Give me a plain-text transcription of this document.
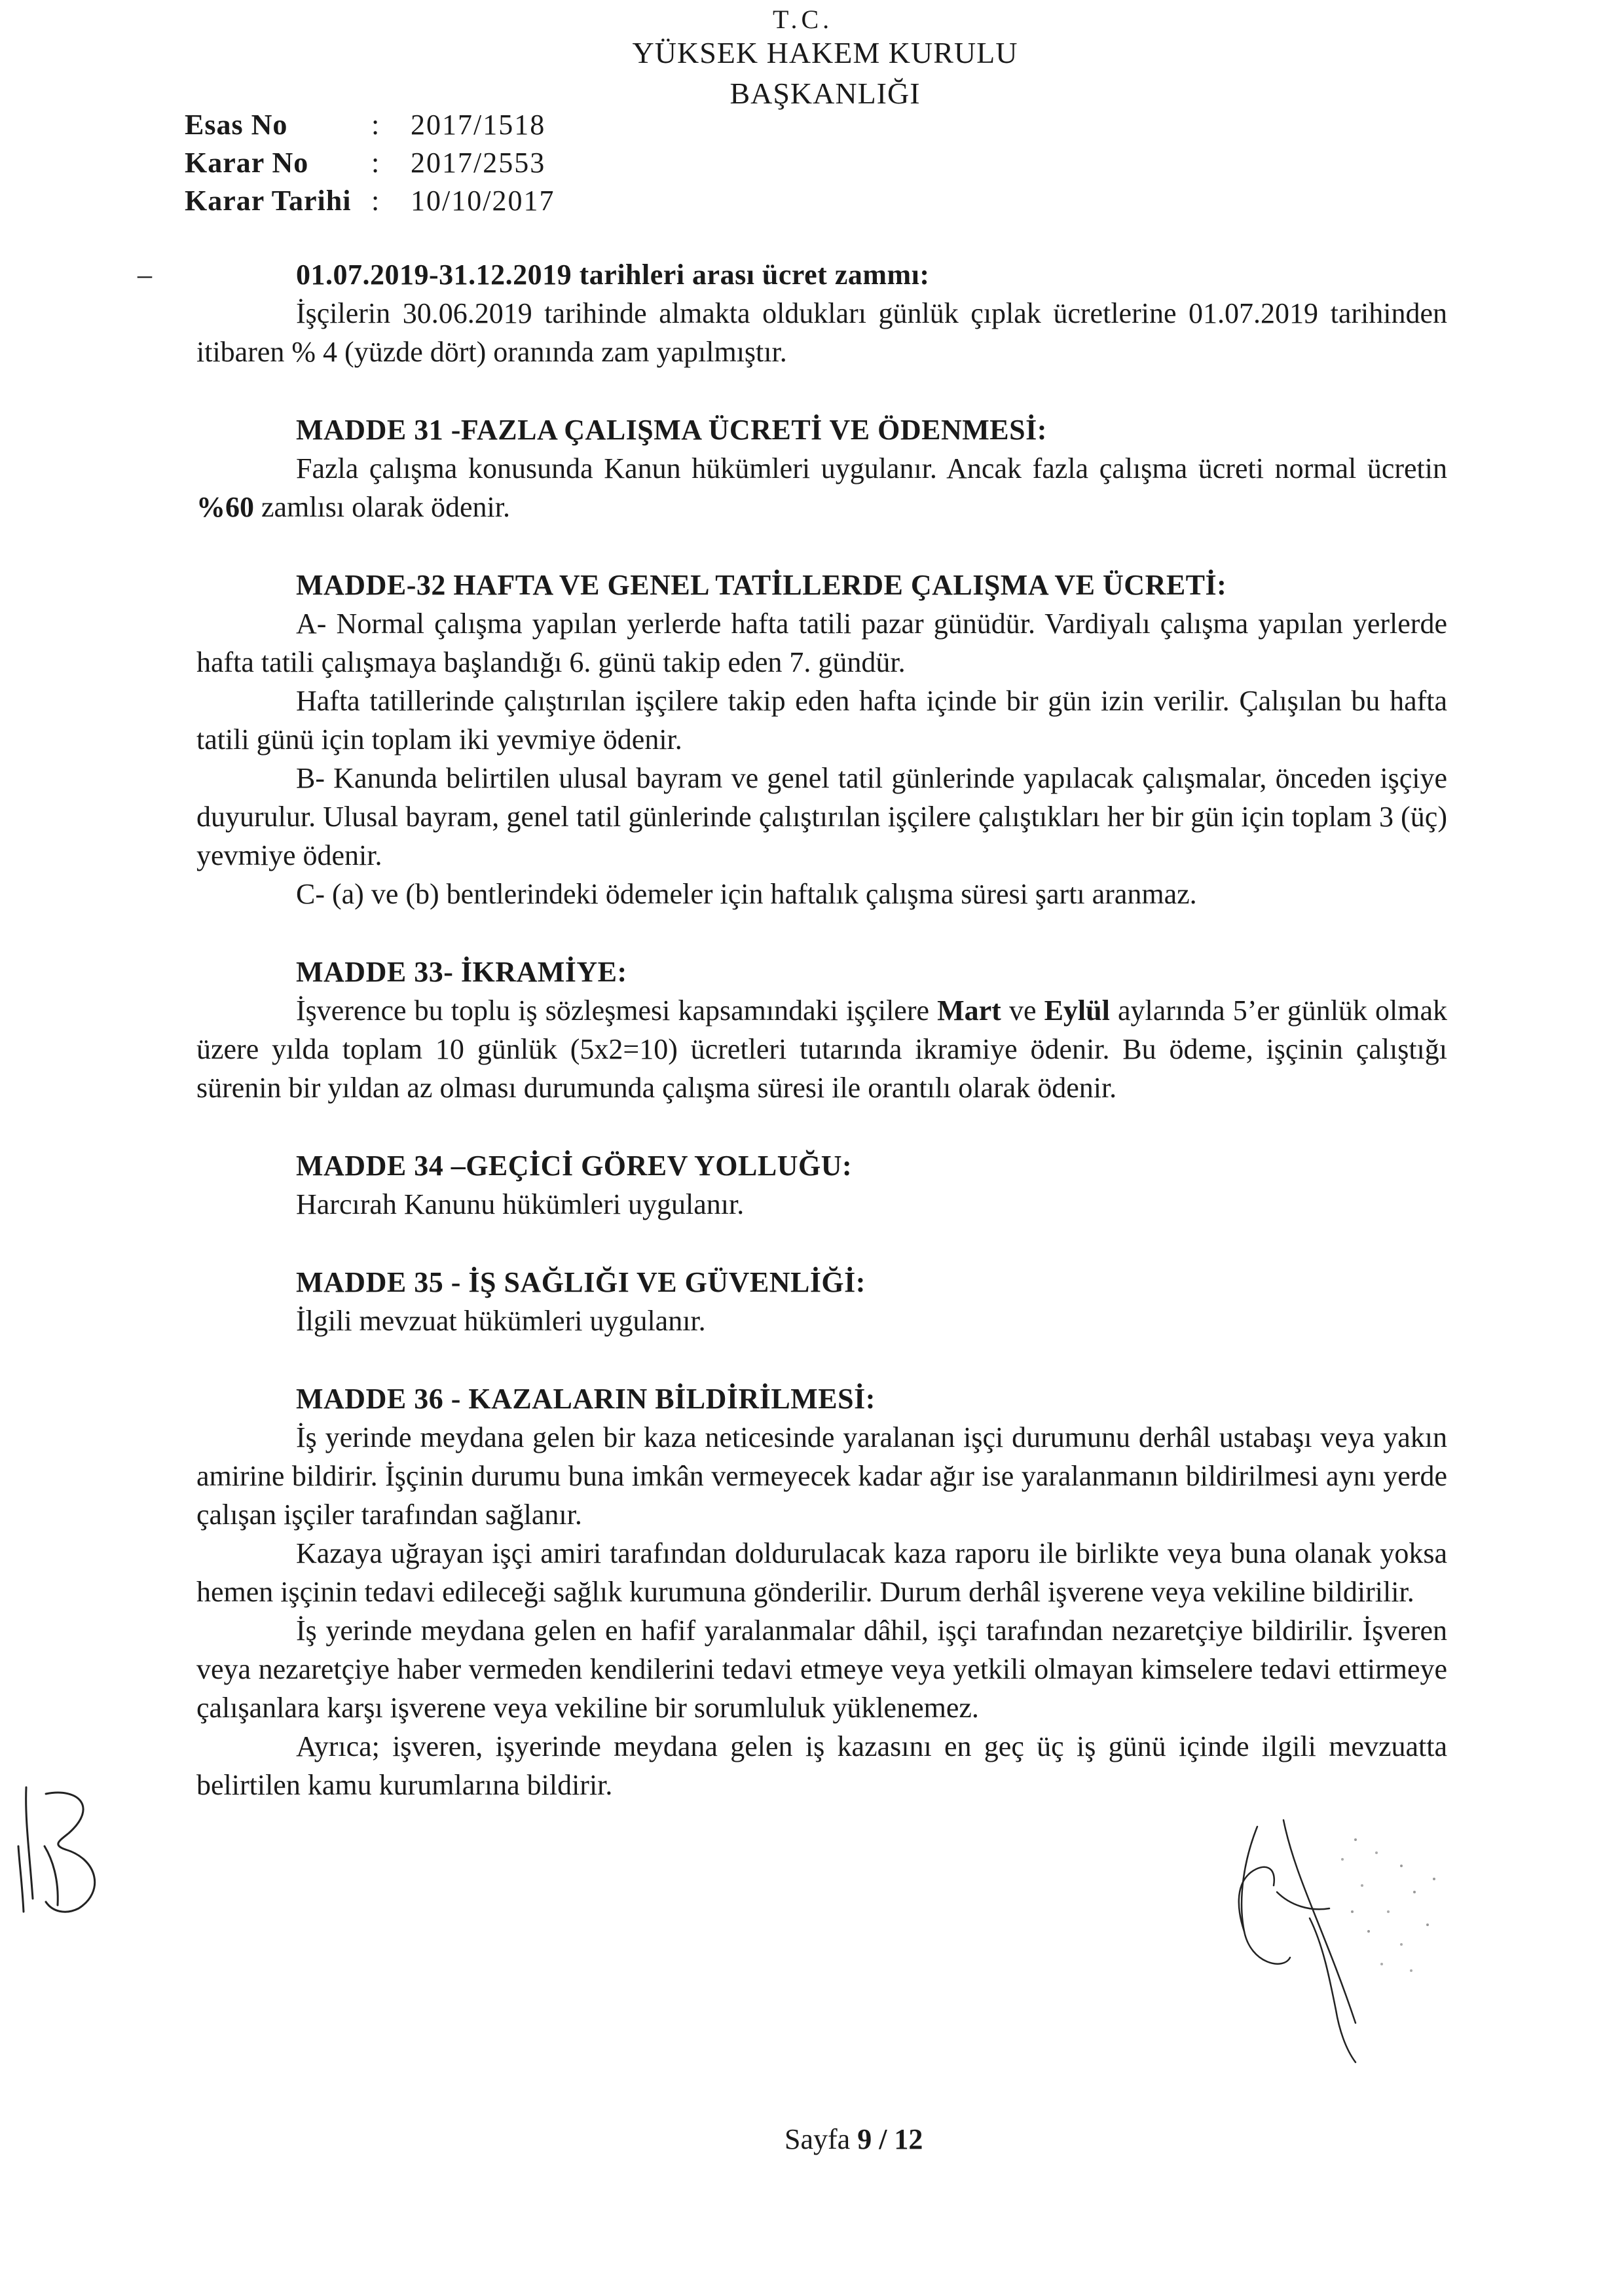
T.C.
YÜKSEK HAKEM KURULU
BAŞKANLIĞI
Esas No	:	2017/1518
Karar No	:	2017/2553
Karar Tarihi :	10/10/2017
–	01.07.2019-31.12.2019 tarihleri arası ücret zammı:
İşçilerin 30.06.2019 tarihinde almakta oldukları günlük çıplak ücretlerine 01.07.2019 tarihinden itibaren % 4 (yüzde dört) oranında zam yapılmıştır.
MADDE 31 -FAZLA ÇALIŞMA ÜCRETİ VE ÖDENMESİ:
Fazla çalışma konusunda Kanun hükümleri uygulanır. Ancak fazla çalışma ücreti normal ücretin %60 zamlısı olarak ödenir.
MADDE-32 HAFTA VE GENEL TATİLLERDE ÇALIŞMA VE ÜCRETİ:
A- Normal çalışma yapılan yerlerde hafta tatili pazar günüdür. Vardiyalı çalışma yapılan yerlerde hafta tatili çalışmaya başlandığı 6. günü takip eden 7. gündür.
Hafta tatillerinde çalıştırılan işçilere takip eden hafta içinde bir gün izin verilir. Çalışılan bu hafta tatili günü için toplam iki yevmiye ödenir.
B- Kanunda belirtilen ulusal bayram ve genel tatil günlerinde yapılacak çalışmalar, önceden işçiye duyurulur. Ulusal bayram, genel tatil günlerinde çalıştırılan işçilere çalıştıkları her bir gün için toplam 3 (üç) yevmiye ödenir.
C- (a) ve (b) bentlerindeki ödemeler için haftalık çalışma süresi şartı aranmaz.
MADDE 33- İKRAMİYE:
İşverence bu toplu iş sözleşmesi kapsamındaki işçilere Mart ve Eylül aylarında 5’er günlük olmak üzere yılda toplam 10 günlük (5x2=10) ücretleri tutarında ikramiye ödenir. Bu ödeme, işçinin çalıştığı sürenin bir yıldan az olması durumunda çalışma süresi ile orantılı olarak ödenir.
MADDE 34 –GEÇİCİ GÖREV YOLLUĞU:
Harcırah Kanunu hükümleri uygulanır.
MADDE 35 - İŞ SAĞLIĞI VE GÜVENLİĞİ:
İlgili mevzuat hükümleri uygulanır.
MADDE 36 - KAZALARIN BİLDİRİLMESİ:
İş yerinde meydana gelen bir kaza neticesinde yaralanan işçi durumunu derhâl ustabaşı veya yakın amirine bildirir. İşçinin durumu buna imkân vermeyecek kadar ağır ise yaralanmanın bildirilmesi aynı yerde çalışan işçiler tarafından sağlanır.
Kazaya uğrayan işçi amiri tarafından doldurulacak kaza raporu ile birlikte veya buna olanak yoksa hemen işçinin tedavi edileceği sağlık kurumuna gönderilir. Durum derhâl işverene veya vekiline bildirilir.
İş yerinde meydana gelen en hafif yaralanmalar dâhil, işçi tarafından nezaretçiye bildirilir. İşveren veya nezaretçiye haber vermeden kendilerini tedavi etmeye veya yetkili olmayan kimselere tedavi ettirmeye çalışanlara karşı işverene veya vekiline bir sorumluluk yüklenemez.
Ayrıca; işveren, işyerinde meydana gelen iş kazasını en geç üç iş günü içinde ilgili mevzuatta belirtilen kamu kurumlarına bildirir.
Sayfa 9 / 12
